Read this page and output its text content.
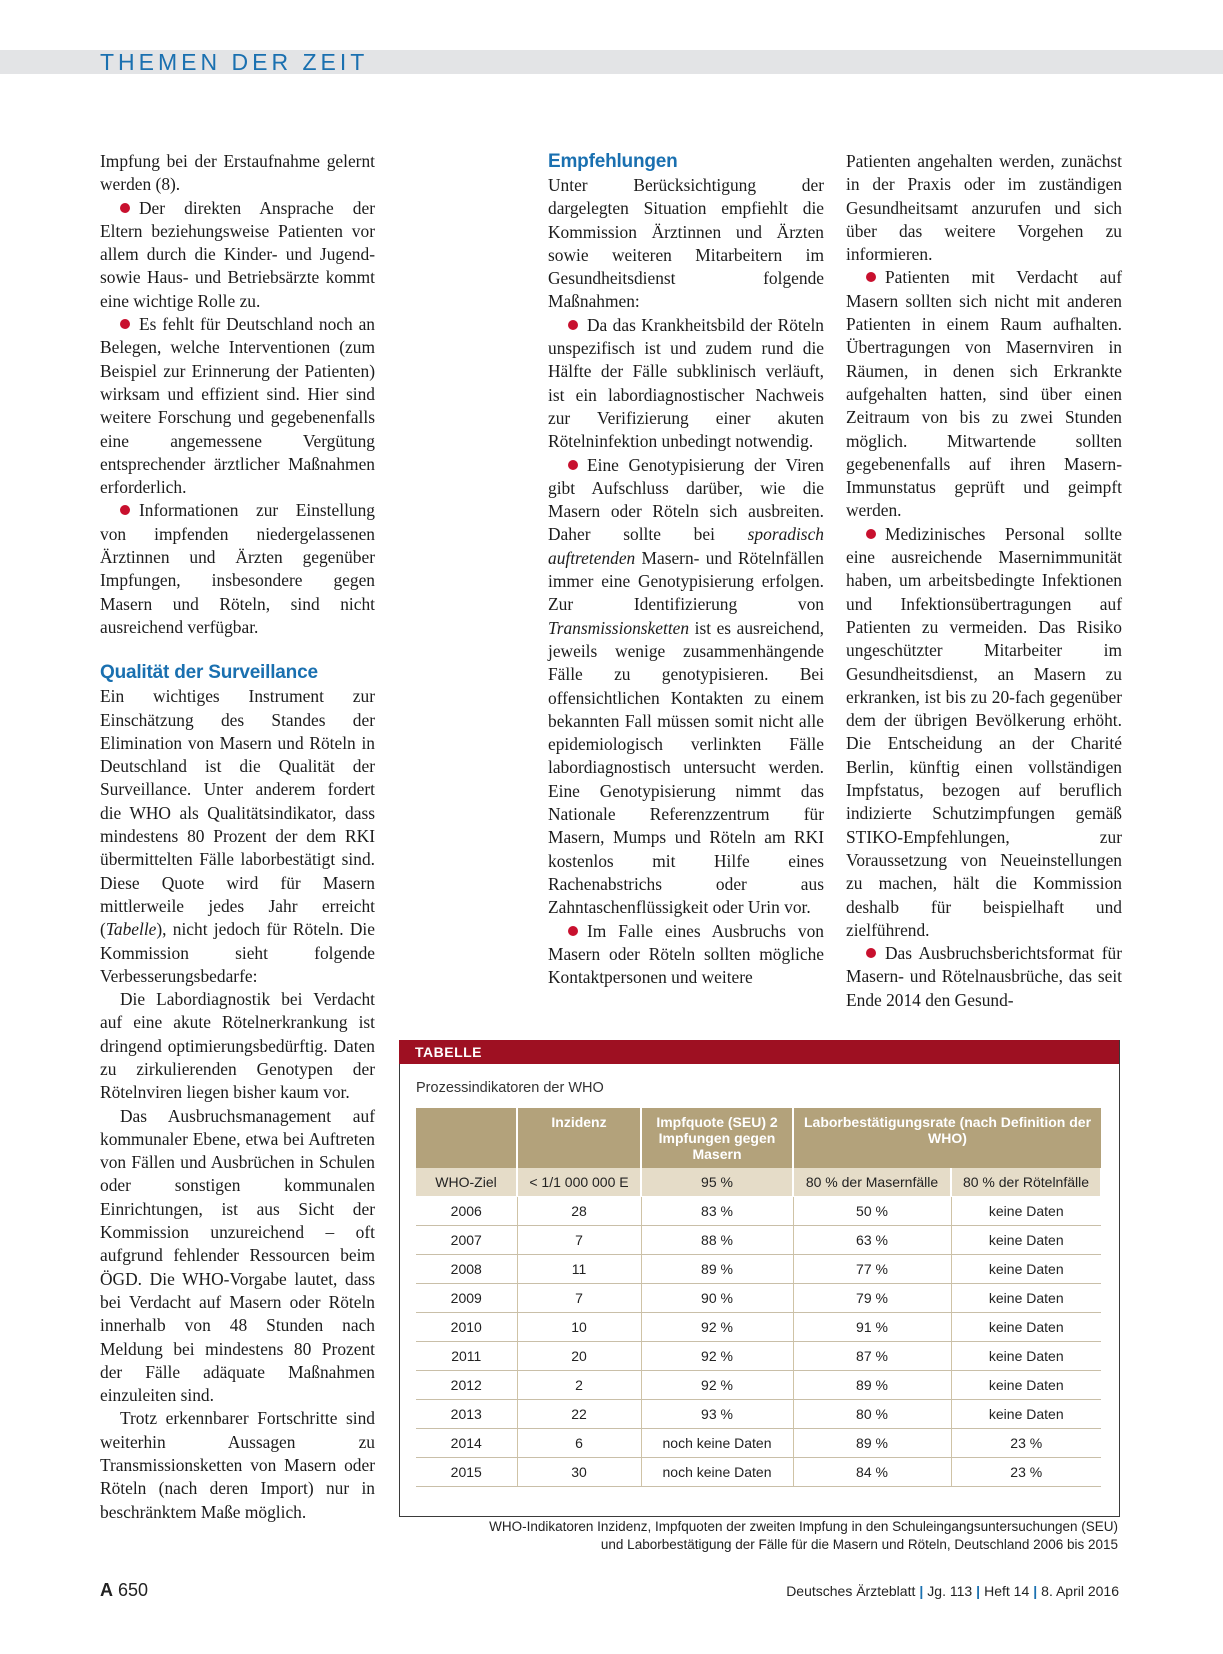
THEMEN DER ZEIT

Impfung bei der Erstaufnahme gelernt werden (8).

Der direkten Ansprache der Eltern beziehungsweise Patienten vor allem durch die Kinder- und Jugend- sowie Haus- und Betriebsärzte kommt eine wichtige Rolle zu.

Es fehlt für Deutschland noch an Belegen, welche Interventionen (zum Beispiel zur Erinnerung der Patienten) wirksam und effizient sind. Hier sind weitere Forschung und gegebenenfalls eine angemessene Vergütung entsprechender ärztlicher Maßnahmen erforderlich.

Informationen zur Einstellung von impfenden niedergelassenen Ärztinnen und Ärzten gegenüber Impfungen, insbesondere gegen Masern und Röteln, sind nicht ausreichend verfügbar.

Qualität der Surveillance

Ein wichtiges Instrument zur Einschätzung des Standes der Elimination von Masern und Röteln in Deutschland ist die Qualität der Surveillance. Unter anderem fordert die WHO als Qualitätsindikator, dass mindestens 80 Prozent der dem RKI übermittelten Fälle laborbestätigt sind. Diese Quote wird für Masern mittlerweile jedes Jahr erreicht (Tabelle), nicht jedoch für Röteln. Die Kommission sieht folgende Verbesserungsbedarfe:

Die Labordiagnostik bei Verdacht auf eine akute Rötelnerkrankung ist dringend optimierungsbedürftig. Daten zu zirkulierenden Genotypen der Rötelnviren liegen bisher kaum vor.

Das Ausbruchsmanagement auf kommunaler Ebene, etwa bei Auftreten von Fällen und Ausbrüchen in Schulen oder sonstigen kommunalen Einrichtungen, ist aus Sicht der Kommission unzureichend – oft aufgrund fehlender Ressourcen beim ÖGD. Die WHO-Vorgabe lautet, dass bei Verdacht auf Masern oder Röteln innerhalb von 48 Stunden nach Meldung bei mindestens 80 Prozent der Fälle adäquate Maßnahmen einzuleiten sind.

Trotz erkennbarer Fortschritte sind weiterhin Aussagen zu Transmissionsketten von Masern oder Röteln (nach deren Import) nur in beschränktem Maße möglich.

Empfehlungen

Unter Berücksichtigung der dargelegten Situation empfiehlt die Kommission Ärztinnen und Ärzten sowie weiteren Mitarbeitern im Gesundheitsdienst folgende Maßnahmen:

Da das Krankheitsbild der Röteln unspezifisch ist und zudem rund die Hälfte der Fälle subklinisch verläuft, ist ein labordiagnostischer Nachweis zur Verifizierung einer akuten Rötelninfektion unbedingt notwendig.

Eine Genotypisierung der Viren gibt Aufschluss darüber, wie die Masern oder Röteln sich ausbreiten. Daher sollte bei sporadisch auftretenden Masern- und Rötelnfällen immer eine Genotypisierung erfolgen. Zur Identifizierung von Transmissionsketten ist es ausreichend, jeweils wenige zusammenhängende Fälle zu genotypisieren. Bei offensichtlichen Kontakten zu einem bekannten Fall müssen somit nicht alle epidemiologisch verlinkten Fälle labordiagnostisch untersucht werden. Eine Genotypisierung nimmt das Nationale Referenzzentrum für Masern, Mumps und Röteln am RKI kostenlos mit Hilfe eines Rachenabstrichs oder aus Zahntaschenflüssigkeit oder Urin vor.

Im Falle eines Ausbruchs von Masern oder Röteln sollten mögliche Kontaktpersonen und weitere

Patienten angehalten werden, zunächst in der Praxis oder im zuständigen Gesundheitsamt anzurufen und sich über das weitere Vorgehen zu informieren.

Patienten mit Verdacht auf Masern sollten sich nicht mit anderen Patienten in einem Raum aufhalten. Übertragungen von Masernviren in Räumen, in denen sich Erkrankte aufgehalten hatten, sind über einen Zeitraum von bis zu zwei Stunden möglich. Mitwartende sollten gegebenenfalls auf ihren Masern-Immunstatus geprüft und geimpft werden.

Medizinisches Personal sollte eine ausreichende Masernimmunität haben, um arbeitsbedingte Infektionen und Infektionsübertragungen auf Patienten zu vermeiden. Das Risiko ungeschützter Mitarbeiter im Gesundheitsdienst, an Masern zu erkranken, ist bis zu 20-fach gegenüber dem der übrigen Bevölkerung erhöht. Die Entscheidung an der Charité Berlin, künftig einen vollständigen Impfstatus, bezogen auf beruflich indizierte Schutzimpfungen gemäß STIKO-Empfehlungen, zur Voraussetzung von Neueinstellungen zu machen, hält die Kommission deshalb für beispielhaft und zielführend.

Das Ausbruchsberichtsformat für Masern- und Rötelnausbrüche, das seit Ende 2014 den Gesund-

TABELLE
Prozessindikatoren der WHO
	Inzidenz	Impfquote (SEU) 2 Impfungen gegen Masern	Laborbestätigungsrate (nach Definition der WHO)	
WHO-Ziel	< 1/1 000 000 E	95 %	80 % der Masernfälle	80 % der Rötelnfälle
2006	28	83 %	50 %	keine Daten
2007	7	88 %	63 %	keine Daten
2008	11	89 %	77 %	keine Daten
2009	7	90 %	79 %	keine Daten
2010	10	92 %	91 %	keine Daten
2011	20	92 %	87 %	keine Daten
2012	2	92 %	89 %	keine Daten
2013	22	93 %	80 %	keine Daten
2014	6	noch keine Daten	89 %	23 %
2015	30	noch keine Daten	84 %	23 %
WHO-Indikatoren Inzidenz, Impfquoten der zweiten Impfung in den Schuleingangsuntersuchungen (SEU)
und Laborbestätigung der Fälle für die Masern und Röteln, Deutschland 2006 bis 2015
A 650	Deutsches Ärzteblatt | Jg. 113 | Heft 14 | 8. April 2016
